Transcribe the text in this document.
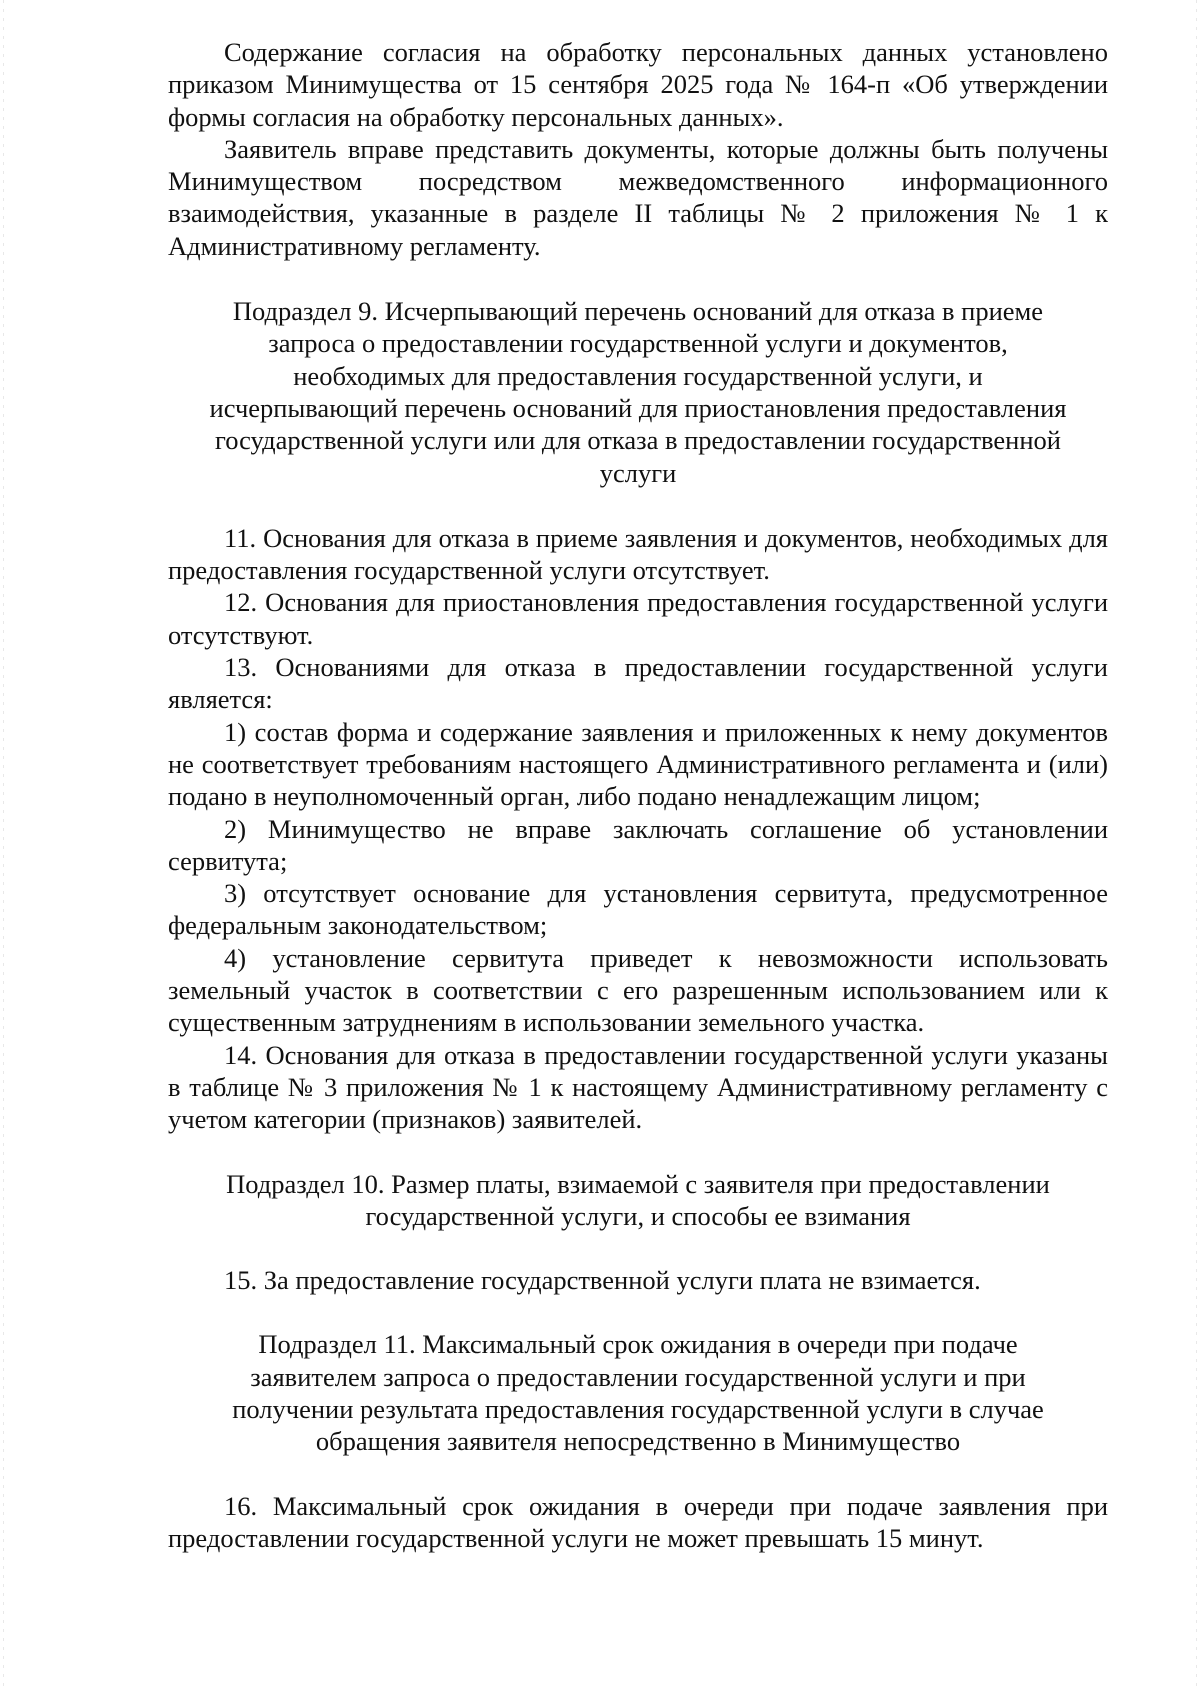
Содержание согласия на обработку персональных данных установлено приказом Минимущества от 15 сентября 2025 года № 164-п «Об утверждении формы согласия на обработку персональных данных».

Заявитель вправе представить документы, которые должны быть получены Минимуществом посредством межведомственного информационного взаимодействия, указанные в разделе II таблицы № 2 приложения № 1 к Административному регламенту.

Подраздел 9. Исчерпывающий перечень оснований для отказа в приеме
запроса о предоставлении государственной услуги и документов,
необходимых для предоставления государственной услуги, и
исчерпывающий перечень оснований для приостановления предоставления
государственной услуги или для отказа в предоставлении государственной
услуги

11. Основания для отказа в приеме заявления и документов, необходимых для предоставления государственной услуги отсутствует.

12. Основания для приостановления предоставления государственной услуги отсутствуют.

13. Основаниями для отказа в предоставлении государственной услуги является:

1) состав форма и содержание заявления и приложенных к нему документов не соответствует требованиям настоящего Административного регламента и (или) подано в неуполномоченный орган, либо подано ненадлежащим лицом;

2) Минимущество не вправе заключать соглашение об установлении сервитута;

3) отсутствует основание для установления сервитута, предусмотренное федеральным законодательством;

4) установление сервитута приведет к невозможности использовать земельный участок в соответствии с его разрешенным использованием или к существенным затруднениям в использовании земельного участка.

14. Основания для отказа в предоставлении государственной услуги указаны в таблице № 3 приложения № 1 к настоящему Административному регламенту с учетом категории (признаков) заявителей.

Подраздел 10. Размер платы, взимаемой с заявителя при предоставлении
государственной услуги, и способы ее взимания

15. За предоставление государственной услуги плата не взимается.

Подраздел 11. Максимальный срок ожидания в очереди при подаче
заявителем запроса о предоставлении государственной услуги и при
получении результата предоставления государственной услуги в случае
обращения заявителя непосредственно в Минимущество

16. Максимальный срок ожидания в очереди при подаче заявления при предоставлении государственной услуги не может превышать 15 минут.
